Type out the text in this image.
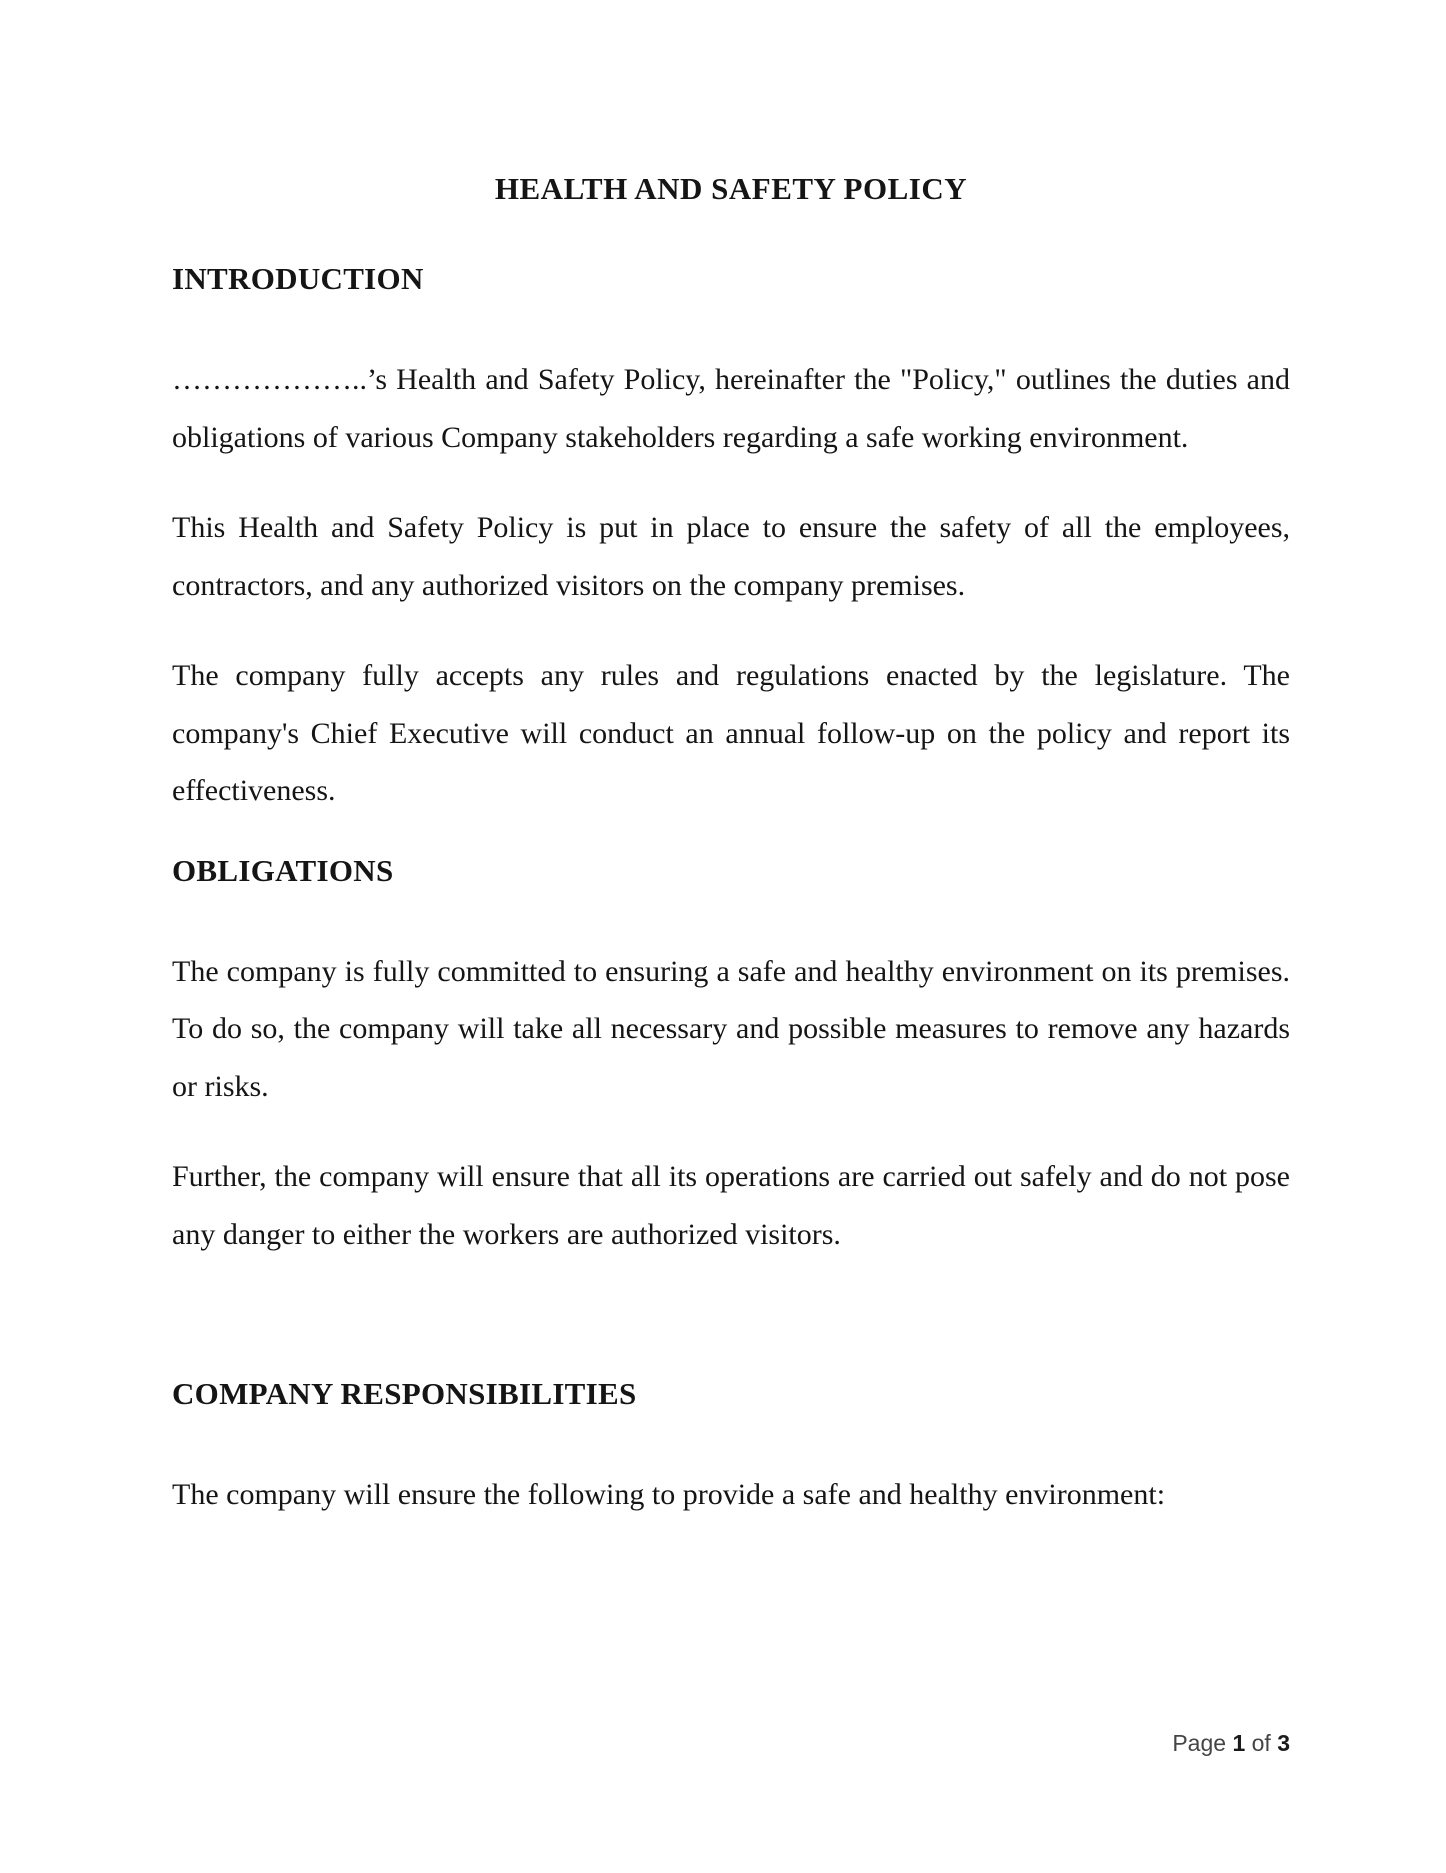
HEALTH AND SAFETY POLICY
INTRODUCTION

………………..’s Health and Safety Policy, hereinafter the "Policy," outlines the duties and obligations of various Company stakeholders regarding a safe working environment.

This Health and Safety Policy is put in place to ensure the safety of all the employees, contractors, and any authorized visitors on the company premises.

The company fully accepts any rules and regulations enacted by the legislature. The company's Chief Executive will conduct an annual follow-up on the policy and report its effectiveness.

OBLIGATIONS

The company is fully committed to ensuring a safe and healthy environment on its premises. To do so, the company will take all necessary and possible measures to remove any hazards or risks.

Further, the company will ensure that all its operations are carried out safely and do not pose any danger to either the workers are authorized visitors.

COMPANY RESPONSIBILITIES

The company will ensure the following to provide a safe and healthy environment:

Page 1 of 3
